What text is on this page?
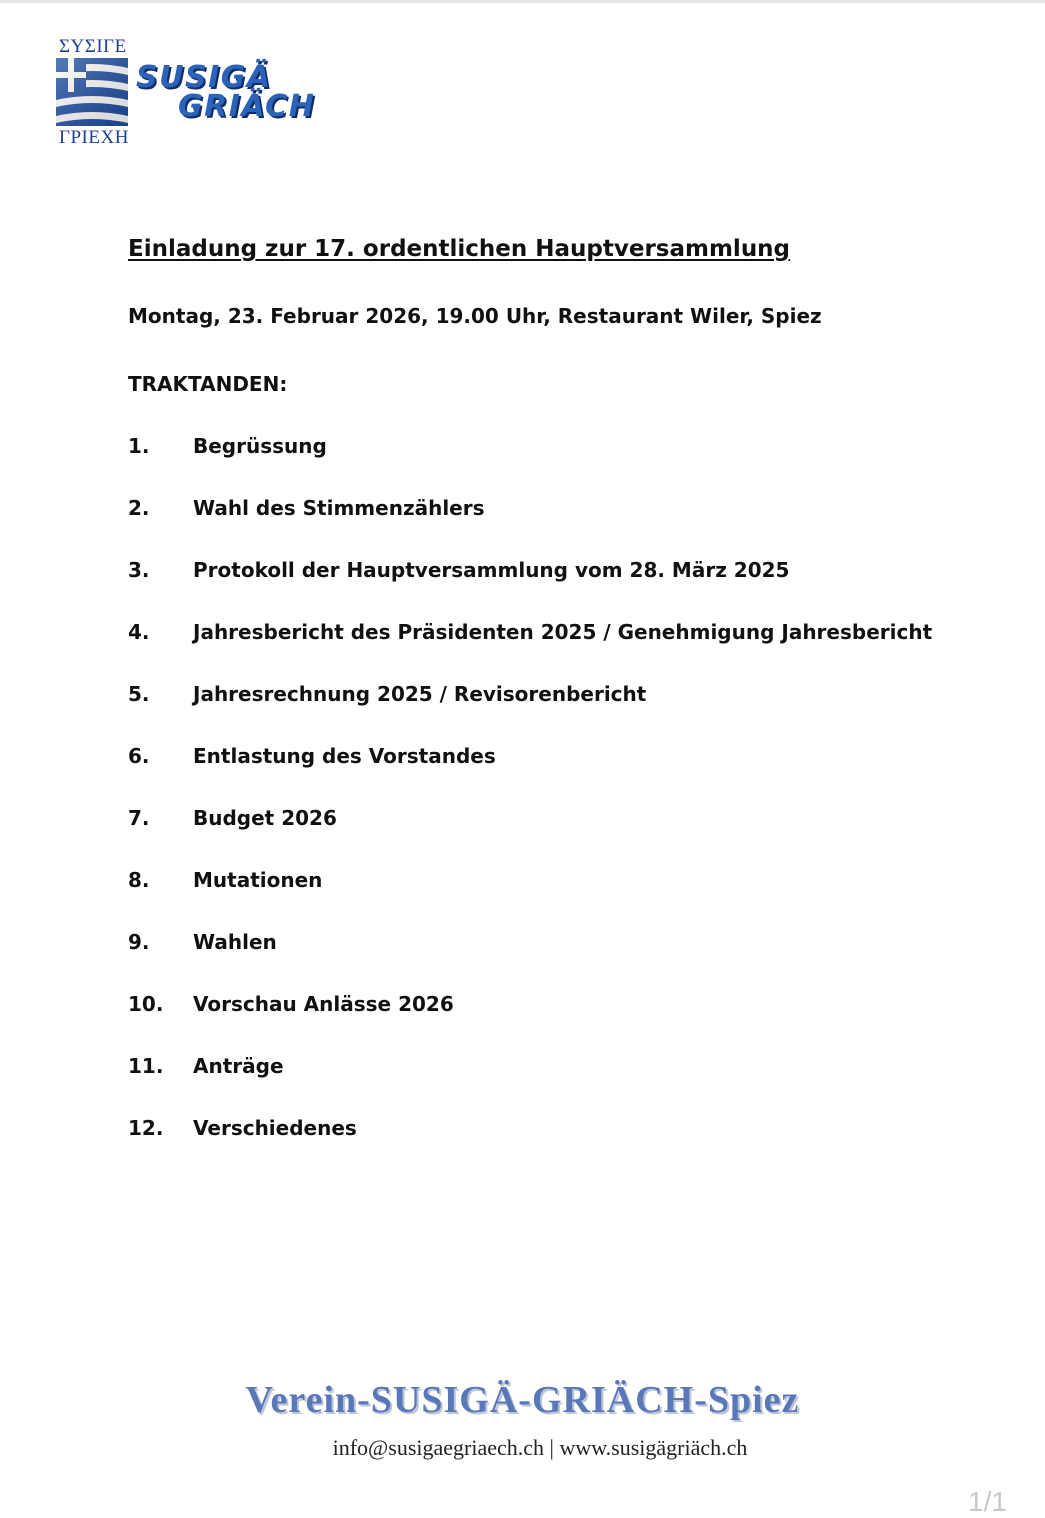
ΣΥΣΙΓΕ
SUSIGÄ
GRIÄCH
ΓΡΙΕΧΗ
Einladung zur 17. ordentlichen Hauptversammlung
Montag, 23. Februar 2026, 19.00 Uhr, Restaurant Wiler, Spiez
TRAKTANDEN:
1.	Begrüssung
2.	Wahl des Stimmenzählers
3.	Protokoll der Hauptversammlung vom 28. März 2025
4.	Jahresbericht des Präsidenten 2025 / Genehmigung Jahresbericht
5.	Jahresrechnung 2025 / Revisorenbericht
6.	Entlastung des Vorstandes
7.	Budget 2026
8.	Mutationen
9.	Wahlen
10.	Vorschau Anlässe 2026
11.	Anträge
12.	Verschiedenes
Verein-SUSIGÄ-GRIÄCH-Spiez
info@susigaegriaech.ch | www.susigägriäch.ch
1/1
